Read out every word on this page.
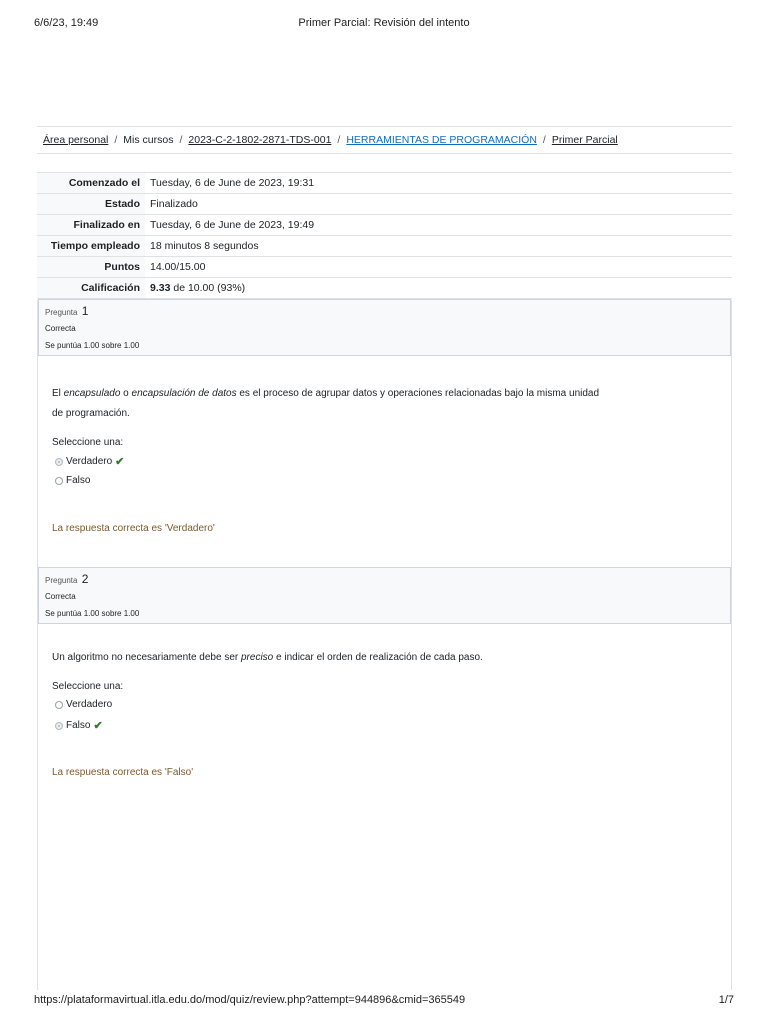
6/6/23, 19:49	Primer Parcial: Revisión del intento
Área personal / Mis cursos / 2023-C-2-1802-2871-TDS-001 / HERRAMIENTAS DE PROGRAMACIÓN / Primer Parcial
Comenzado el	Tuesday, 6 de June de 2023, 19:31
Estado	Finalizado
Finalizado en	Tuesday, 6 de June de 2023, 19:49
Tiempo empleado	18 minutos 8 segundos
Puntos	14.00/15.00
Calificación	9.33 de 10.00 (93%)
Pregunta 1
Correcta
Se puntúa 1.00 sobre 1.00
El encapsulado o encapsulación de datos es el proceso de agrupar datos y operaciones relacionadas bajo la misma unidad de programación.
Seleccione una:
Verdadero ✔
Falso
La respuesta correcta es 'Verdadero'
Pregunta 2
Correcta
Se puntúa 1.00 sobre 1.00
Un algoritmo no necesariamente debe ser preciso e indicar el orden de realización de cada paso.
Seleccione una:
Verdadero
Falso ✔
La respuesta correcta es 'Falso'
https://plataformavirtual.itla.edu.do/mod/quiz/review.php?attempt=944896&cmid=365549	1/7
